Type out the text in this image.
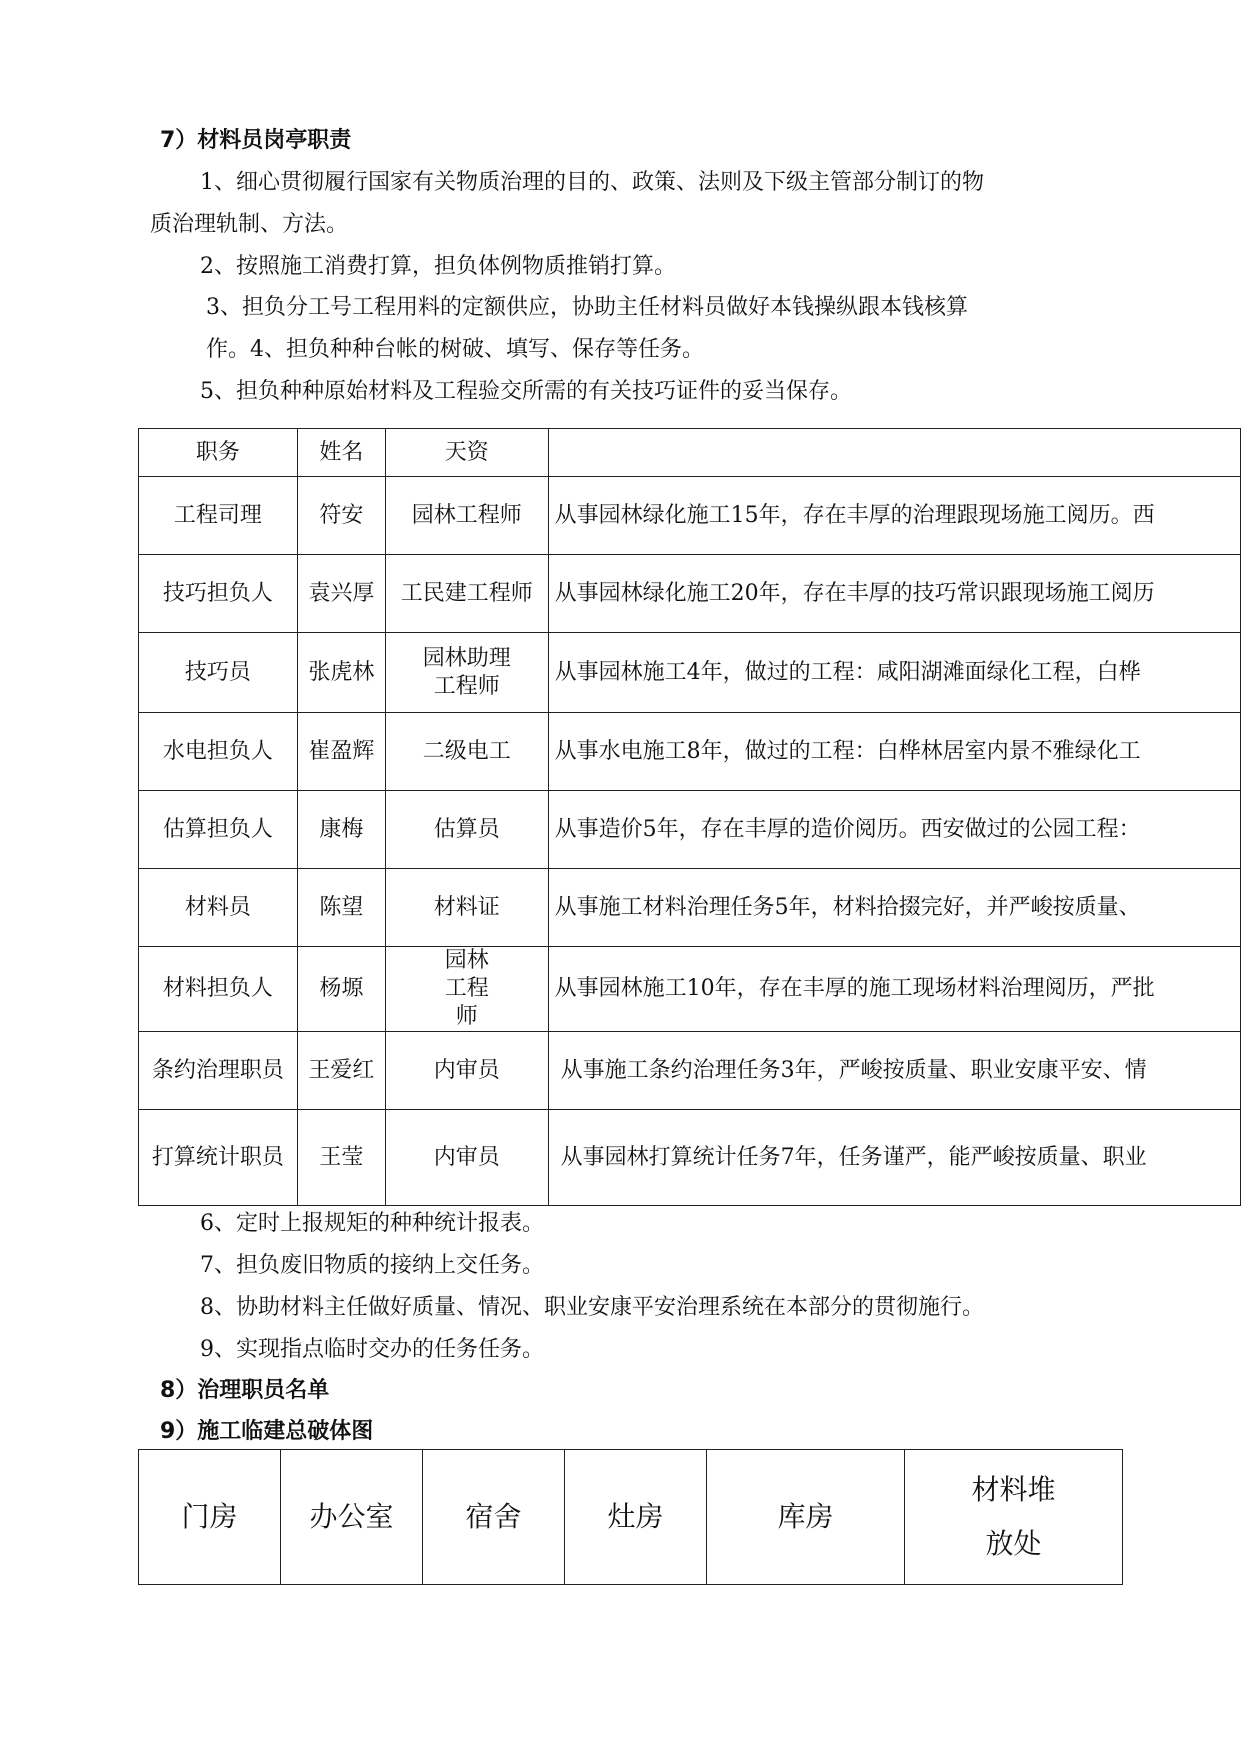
7）材料员岗亭职责
1、细心贯彻履行国家有关物质治理的目的、政策、法则及下级主管部分制订的物
质治理轨制、方法。
2、按照施工消费打算，担负体例物质推销打算。
3、担负分工号工程用料的定额供应，协助主任材料员做好本钱操纵跟本钱核算
作。4、担负种种台帐的树破、填写、保存等任务。
5、担负种种原始材料及工程验交所需的有关技巧证件的妥当保存。
职务	姓名	天资	
工程司理	符安	园林工程师	从事园林绿化施工15年，存在丰厚的治理跟现场施工阅历。西
技巧担负人	袁兴厚	工民建工程师	从事园林绿化施工20年，存在丰厚的技巧常识跟现场施工阅历
技巧员	张虎林	园林助理工程师	从事园林施工4年，做过的工程：咸阳湖滩面绿化工程，白桦
水电担负人	崔盈辉	二级电工	从事水电施工8年，做过的工程：白桦林居室内景不雅绿化工
估算担负人	康梅	估算员	从事造价5年，存在丰厚的造价阅历。西安做过的公园工程：
材料员	陈望	材料证	从事施工材料治理任务5年，材料拾掇完好，并严峻按质量、
材料担负人	杨塬	园林工程师	从事园林施工10年，存在丰厚的施工现场材料治理阅历，严批
条约治理职员	王爱红	内审员	从事施工条约治理任务3年，严峻按质量、职业安康平安、情
打算统计职员	王莹	内审员	从事园林打算统计任务7年，任务谨严，能严峻按质量、职业
6、定时上报规矩的种种统计报表。
7、担负废旧物质的接纳上交任务。
8、协助材料主任做好质量、情况、职业安康平安治理系统在本部分的贯彻施行。
9、实现指点临时交办的任务任务。
8）治理职员名单
9）施工临建总破体图
门房	办公室	宿舍	灶房	库房	材料堆放处
